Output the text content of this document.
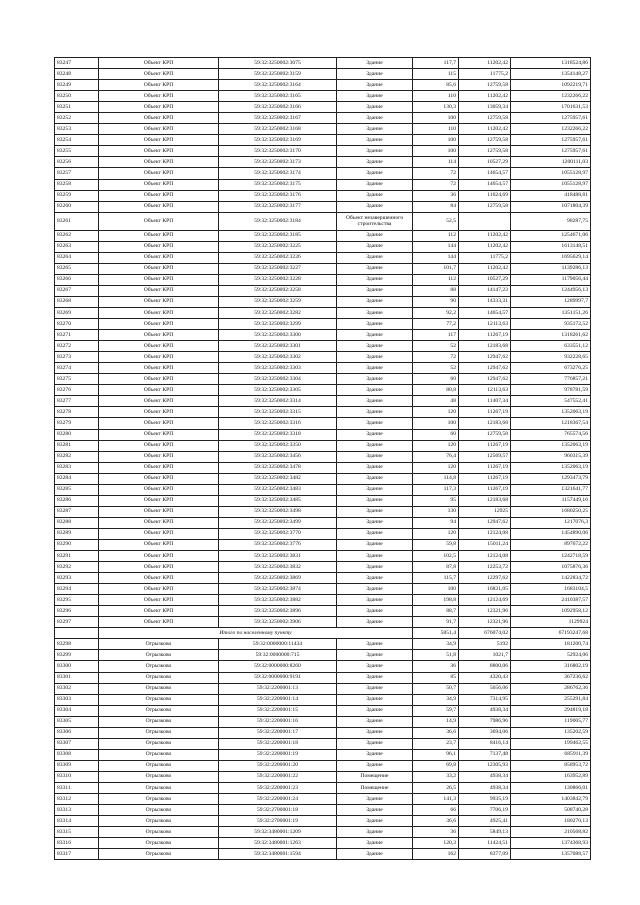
83247	Объект КРП	59:32:3250002:3075	Здание	117,7	11202,42	1318524,86
83248	Объект КРП	59:32:3250002:3159	Здание	115	11775,2	1354148,27
83249	Объект КРП	59:32:3250002:3164	Здание	85,6	12759,58	1092219,71
83250	Объект КРП	59:32:3250002:3165	Здание	110	11202,42	1232266,22
83251	Объект КРП	59:32:3250002:3166	Здание	130,3	13059,34	1701631,53
83252	Объект КРП	59:32:3250002:3167	Здание	100	12759,58	1275957,61
83253	Объект КРП	59:32:3250002:3168	Здание	110	11202,42	1232266,22
83254	Объект КРП	59:32:3250002:3169	Здание	100	12759,58	1275957,61
83255	Объект КРП	59:32:3250002:3170	Здание	100	12759,58	1275957,61
83256	Объект КРП	59:32:3250002:3173	Здание	114	10527,29	1200111,03
83257	Объект КРП	59:32:3250002:3174	Здание	72	14654,57	1055128,97
83258	Объект КРП	59:32:3250002:3175	Здание	72	14654,57	1055128,97
83259	Объект КРП	59:32:3250002:3176	Здание	36	11624,69	418488,81
83260	Объект КРП	59:32:3250002:3177	Здание	84	12759,58	1071804,39
83261	Объект КРП	59:32:3250002:3184	Объект незавершенного строительства	52,5		98287,75
83262	Объект КРП	59:32:3250002:3185	Здание	112	11202,42	1254671,06
83263	Объект КРП	59:32:3250002:3225	Здание	144	11202,42	1613148,51
83264	Объект КРП	59:32:3250002:3226	Здание	144	11775,2	1695629,14
83265	Объект КРП	59:32:3250002:3227	Здание	101,7	11202,42	1139286,13
83266	Объект КРП	59:32:3250002:3228	Здание	112	10527,29	1179056,44
83267	Объект КРП	59:32:3250002:3258	Здание	88	14147,23	1244956,13
83268	Объект КРП	59:32:3250002:3259	Здание	90	14333,31	1289997,7
83269	Объект КРП	59:32:3250002:3282	Здание	92,2	14654,57	1351151,26
83270	Объект КРП	59:32:3250002:3299	Здание	77,2	12113,63	935172,52
83271	Объект КРП	59:32:3250002:3300	Здание	117	11267,19	1318261,62
83272	Объект КРП	59:32:3250002:3301	Здание	52	12183,68	633551,12
83273	Объект КРП	59:32:3250002:3302	Здание	72	12947,62	932228,65
83274	Объект КРП	59:32:3250002:3303	Здание	52	12947,62	673276,25
83275	Объект КРП	59:32:3250002:3304	Здание	60	12947,62	776857,21
83276	Объект КРП	59:32:3250002:3305	Здание	80,8	12113,63	978781,59
83277	Объект КРП	59:32:3250002:3314	Здание	48	11407,34	547552,41
83278	Объект КРП	59:32:3250002:3315	Здание	120	11267,19	1352063,19
83279	Объект КРП	59:32:3250002:3316	Здание	100	12183,68	1218367,54
83280	Объект КРП	59:32:3250002:3318	Здание	60	12759,58	765574,56
83281	Объект КРП	59:32:3250002:3350	Здание	120	11267,19	1352063,19
83282	Объект КРП	59:32:3250002:3456	Здание	76,4	12569,57	960315,39
83283	Объект КРП	59:32:3250002:3478	Здание	120	11267,19	1352063,19
83284	Объект КРП	59:32:3250002:3482	Здание	114,8	11267,19	1293473,79
83285	Объект КРП	59:32:3250002:3483	Здание	117,3	11267,19	1321641,77
83286	Объект КРП	59:32:3250002:3485	Здание	95	12183,68	1157449,16
83287	Объект КРП	59:32:3250002:3498	Здание	130	12925	1680250,25
83288	Объект КРП	59:32:3250002:3499	Здание	94	12947,62	1217076,3
83289	Объект КРП	59:32:3250002:3770	Здание	120	12124,08	1454890,06
83290	Объект КРП	59:32:3250002:3776	Здание	59,8	15011,24	897672,22
83291	Объект КРП	59:32:3250002:3831	Здание	102,5	12124,08	1242718,59
83292	Объект КРП	59:32:3250002:3832	Здание	87,8	12253,72	1075876,36
83293	Объект КРП	59:32:3250002:3869	Здание	115,7	12297,62	1422834,72
83294	Объект КРП	59:32:3250002:3874	Здание	100	16831,05	1683104,5
83295	Объект КРП	59:32:3250002:3882	Здание	198,8	12124,69	2410387,57
83296	Объект КРП	59:32:3250002:3896	Здание	88,7	12321,96	1092958,12
83297	Объект КРП	59:32:3250002:3906	Здание	91,7	12321,96	1129924
	Итого по населенному пункту			5851,4	676074,02	67193247,68
83298	Огрызково	59:32:0000000:11434	Здание	34,9	5192	181200,74
83299	Огрызково	59:32:0000000:715	Здание	51,8	1021,7	52924,06
83300	Огрызково	59:32:0000000:8260	Здание	36	8800,06	316802,19
83301	Огрызково	59:32:0000000:9191	Здание	85	4320,43	367236,62
83302	Огрызково	59:32:2200001:13	Здание	50,7	5656,06	286762,36
83303	Огрызково	59:32:2200001:14	Здание	34,9	7314,95	255291,84
83304	Огрызково	59:32:2200001:15	Здание	59,7	4938,34	294819,18
83305	Огрызково	59:32:2200001:16	Здание	14,9	7986,96	119005,77
83306	Огрызково	59:32:2200001:17	Здание	36,6	3694,06	135202,59
83307	Огрызково	59:32:2200001:18	Здание	23,7	8416,14	199462,55
83308	Огрызково	59:32:2200001:19	Здание	96,1	7137,48	685911,39
83309	Огрызково	59:32:2200001:20	Здание	69,8	12305,93	858953,72
83310	Огрызково	59:32:2200001:22	Помещение	33,2	4938,34	163952,89
83311	Огрызково	59:32:2200001:23	Помещение	26,5	4938,34	130866,01
83312	Огрызково	59:32:2200001:24	Здание	141,3	9935,19	1403842,79
83313	Огрызково	59:32:2700001:18	Здание	66	7706,19	508740,28
83314	Огрызково	59:32:2700001:19	Здание	36,6	4925,41	180270,13
83315	Огрызково	59:32:3480001:1209	Здание	36	5849,13	210568,82
83316	Огрызково	59:32:3480001:1263	Здание	120,3	11424,51	1374368,93
83317	Огрызково	59:32:3480001:1594	Здание	162	8377,09	1357088,57
